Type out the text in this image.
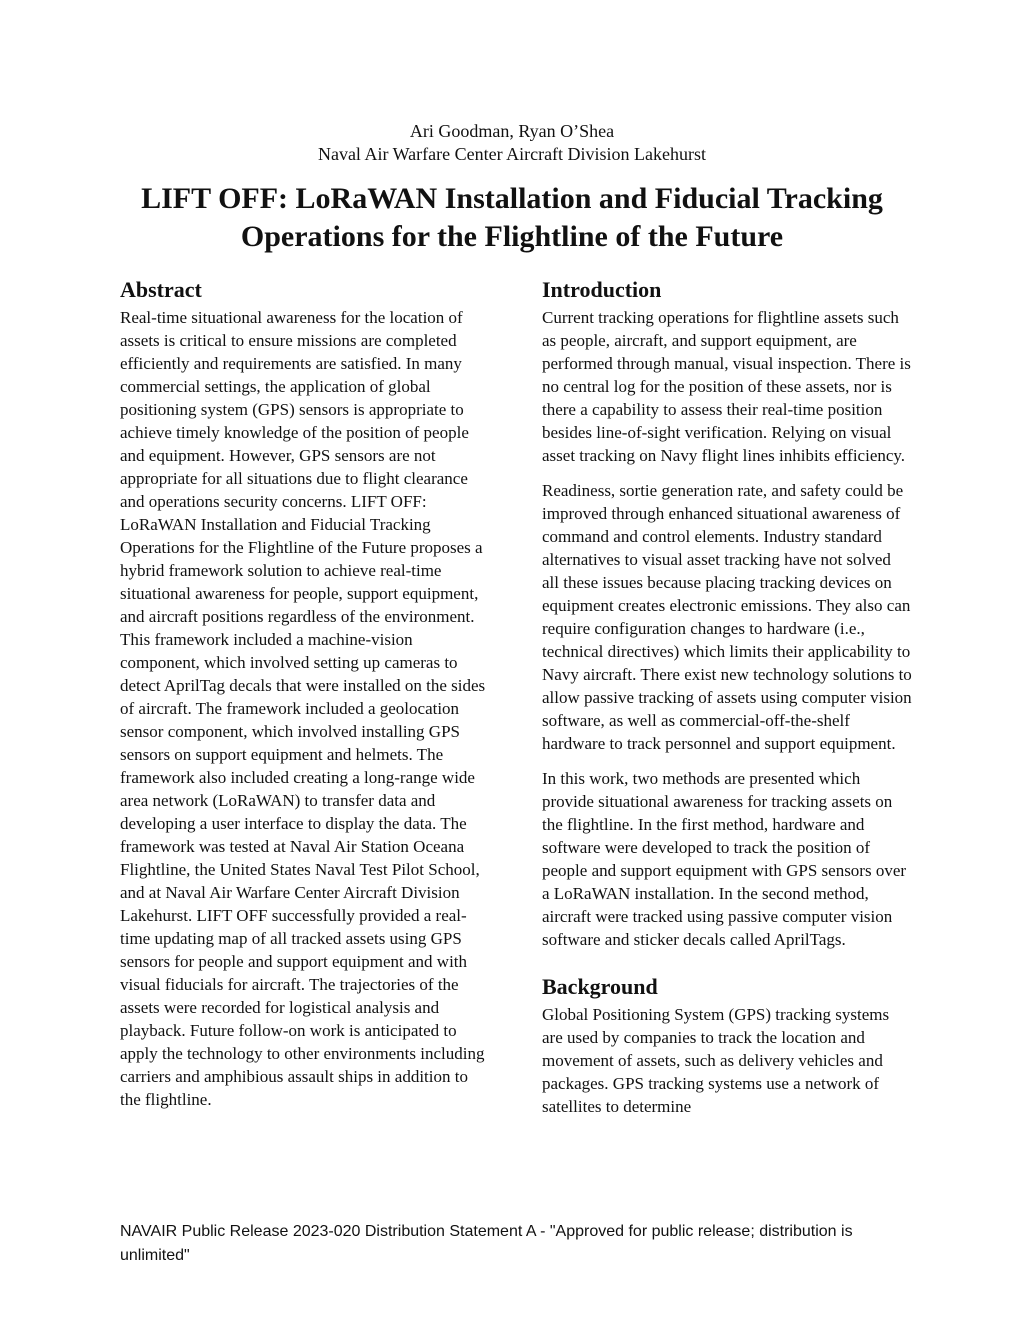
Ari Goodman, Ryan O’Shea
Naval Air Warfare Center Aircraft Division Lakehurst
LIFT OFF: LoRaWAN Installation and Fiducial Tracking
Operations for the Flightline of the Future
Abstract

Real-time situational awareness for the location of assets is critical to ensure missions are completed efficiently and requirements are satisfied. In many commercial settings, the application of global positioning system (GPS) sensors is appropriate to achieve timely knowledge of the position of people and equipment. However, GPS sensors are not appropriate for all situations due to flight clearance and operations security concerns. LIFT OFF: LoRaWAN Installation and Fiducial Tracking Operations for the Flightline of the Future proposes a hybrid framework solution to achieve real-time situational awareness for people, support equipment, and aircraft positions regardless of the environment. This framework included a machine-vision component, which involved setting up cameras to detect AprilTag decals that were installed on the sides of aircraft. The framework included a geolocation sensor component, which involved installing GPS sensors on support equipment and helmets. The framework also included creating a long-range wide area network (LoRaWAN) to transfer data and developing a user interface to display the data. The framework was tested at Naval Air Station Oceana Flightline, the United States Naval Test Pilot School, and at Naval Air Warfare Center Aircraft Division Lakehurst. LIFT OFF successfully provided a real-time updating map of all tracked assets using GPS sensors for people and support equipment and with visual fiducials for aircraft. The trajectories of the assets were recorded for logistical analysis and playback. Future follow-on work is anticipated to apply the technology to other environments including carriers and amphibious assault ships in addition to the flightline.

Introduction

Current tracking operations for flightline assets such as people, aircraft, and support equipment, are performed through manual, visual inspection. There is no central log for the position of these assets, nor is there a capability to assess their real-time position besides line-of-sight verification. Relying on visual asset tracking on Navy flight lines inhibits efficiency.

Readiness, sortie generation rate, and safety could be improved through enhanced situational awareness of command and control elements. Industry standard alternatives to visual asset tracking have not solved all these issues because placing tracking devices on equipment creates electronic emissions. They also can require configuration changes to hardware (i.e., technical directives) which limits their applicability to Navy aircraft. There exist new technology solutions to allow passive tracking of assets using computer vision software, as well as commercial-off-the-shelf hardware to track personnel and support equipment.

In this work, two methods are presented which provide situational awareness for tracking assets on the flightline. In the first method, hardware and software were developed to track the position of people and support equipment with GPS sensors over a LoRaWAN installation. In the second method, aircraft were tracked using passive computer vision software and sticker decals called AprilTags.

Background

Global Positioning System (GPS) tracking systems are used by companies to track the location and movement of assets, such as delivery vehicles and packages. GPS tracking systems use a network of satellites to determine

NAVAIR Public Release 2023-020 Distribution Statement A - "Approved for public release; distribution is unlimited"
